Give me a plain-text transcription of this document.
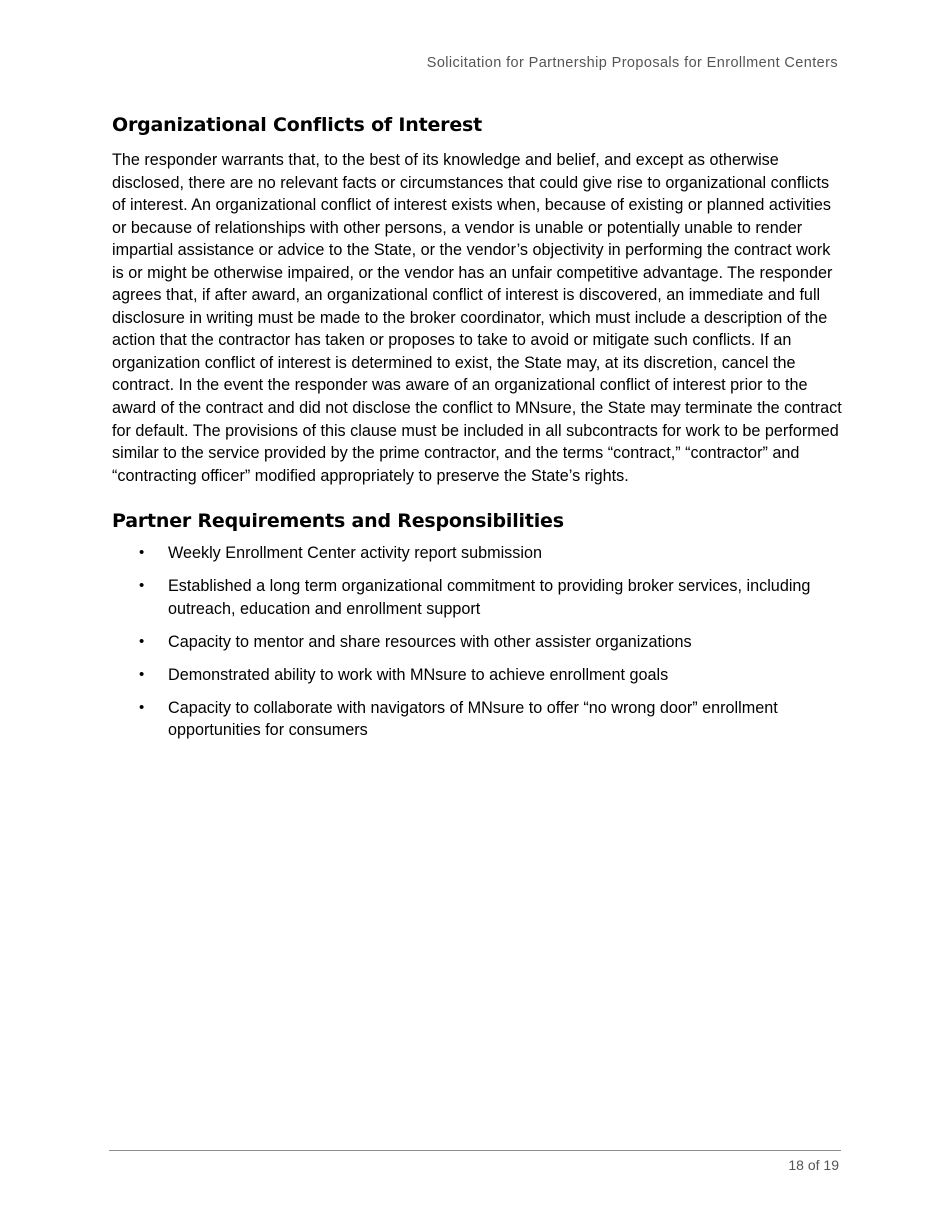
Solicitation for Partnership Proposals for Enrollment Centers
Organizational Conflicts of Interest

The responder warrants that, to the best of its knowledge and belief, and except as otherwise disclosed, there are no relevant facts or circumstances that could give rise to organizational conflicts of interest. An organizational conflict of interest exists when, because of existing or planned activities or because of relationships with other persons, a vendor is unable or potentially unable to render impartial assistance or advice to the State, or the vendor’s objectivity in performing the contract work is or might be otherwise impaired, or the vendor has an unfair competitive advantage. The responder agrees that, if after award, an organizational conflict of interest is discovered, an immediate and full disclosure in writing must be made to the broker coordinator, which must include a description of the action that the contractor has taken or proposes to take to avoid or mitigate such conflicts. If an organization conflict of interest is determined to exist, the State may, at its discretion, cancel the contract. In the event the responder was aware of an organizational conflict of interest prior to the award of the contract and did not disclose the conflict to MNsure, the State may terminate the contract for default. The provisions of this clause must be included in all subcontracts for work to be performed similar to the service provided by the prime contractor, and the terms “contract,” “contractor” and “contracting officer” modified appropriately to preserve the State’s rights.

Partner Requirements and Responsibilities
• Weekly Enrollment Center activity report submission
• Established a long term organizational commitment to providing broker services, including outreach, education and enrollment support
• Capacity to mentor and share resources with other assister organizations
• Demonstrated ability to work with MNsure to achieve enrollment goals
• Capacity to collaborate with navigators of MNsure to offer “no wrong door” enrollment opportunities for consumers
18 of 19
